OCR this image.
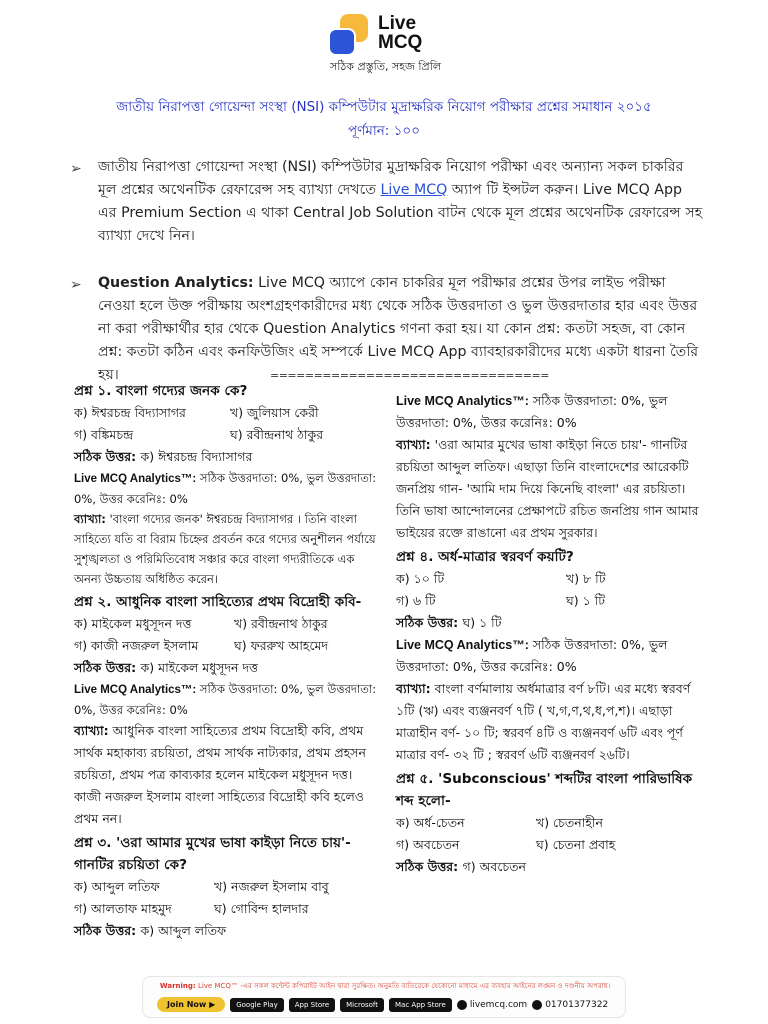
Live
MCQ
সঠিক প্রস্তুতি, সহজ প্রিলি
জাতীয় নিরাপত্তা গোয়েন্দা সংস্থা (NSI) কম্পিউটার মুদ্রাক্ষরিক নিয়োগ পরীক্ষার প্রশ্নের সমাধান ২০১৫
পূর্ণমান: ১০০
➢ জাতীয় নিরাপত্তা গোয়েন্দা সংস্থা (NSI) কম্পিউটার মুদ্রাক্ষরিক নিয়োগ পরীক্ষা এবং অন্যান্য সকল চাকরির মূল প্রশ্নের অথেনটিক রেফারেন্স সহ ব্যাখ্যা দেখতে Live MCQ অ্যাপ টি ইন্সটল করুন। Live MCQ App এর Premium Section এ থাকা Central Job Solution বাটন থেকে মূল প্রশ্নের অথেনটিক রেফারেন্স সহ ব্যাখ্যা দেখে নিন।
➢ Question Analytics: Live MCQ অ্যাপে কোন চাকরির মূল পরীক্ষার প্রশ্নের উপর লাইভ পরীক্ষা নেওয়া হলে উক্ত পরীক্ষায় অংশগ্রহণকারীদের মধ্য থেকে সঠিক উত্তরদাতা ও ভুল উত্তরদাতার হার এবং উত্তর না করা পরীক্ষার্থীর হার থেকে Question Analytics গণনা করা হয়। যা কোন প্রশ্ন: কতটা সহজ, বা কোন প্রশ্ন: কতটা কঠিন এবং কনফিউজিং এই সম্পর্কে Live MCQ App ব্যাবহারকারীদের মধ্যে একটা ধারনা তৈরি হয়।	================================
প্রশ্ন ১. বাংলা গদ্যের জনক কে?
ক) ঈশ্বরচন্দ্র বিদ্যাসাগর	খ) জুলিয়াস কেরী
গ) বঙ্কিমচন্দ্র	ঘ) রবীন্দ্রনাথ ঠাকুর
সঠিক উত্তর: ক) ঈশ্বরচন্দ্র বিদ্যাসাগর
Live MCQ Analytics™: সঠিক উত্তরদাতা: 0%, ভুল উত্তরদাতা: 0%, উত্তর করেনিঃ: 0%
ব্যাখ্যা: 'বাংলা গদ্যের জনক' ঈশ্বরচন্দ্র বিদ্যাসাগর । তিনি বাংলা সাহিত্যে যতি বা বিরাম চিহ্নের প্রবর্তন করে গদ্যের অনুশীলন পর্যায়ে সুশৃঙ্খলতা ও পরিমিতিবোধ সঞ্চার করে বাংলা গদ্যরীতিকে এক অনন্য উচ্চতায় অধিষ্ঠিত করেন।
প্রশ্ন ২. আধুনিক বাংলা সাহিত্যের প্রথম বিদ্রোহী কবি-
ক) মাইকেল মধুসূদন দত্ত	খ) রবীন্দ্রনাথ ঠাকুর
গ) কাজী নজরুল ইসলাম	ঘ) ফররুখ আহমেদ
সঠিক উত্তর: ক) মাইকেল মধুসূদন দত্ত
Live MCQ Analytics™: সঠিক উত্তরদাতা: 0%, ভুল উত্তরদাতা: 0%, উত্তর করেনিঃ: 0%
ব্যাখ্যা: আধুনিক বাংলা সাহিত্যের প্রথম বিদ্রোহী কবি, প্রথম সার্থক মহাকাব্য রচয়িতা, প্রথম সার্থক নাট্যকার, প্রথম প্রহসন রচয়িতা, প্রথম পত্র কাব্যকার হলেন মাইকেল মধুসূদন দত্ত। কাজী নজরুল ইসলাম বাংলা সাহিত্যের বিদ্রোহী কবি হলেও প্রথম নন।
প্রশ্ন ৩. 'ওরা আমার মুখের ভাষা কাইড়া নিতে চায়'- গানটির রচয়িতা কে?
ক) আব্দুল লতিফ	খ) নজরুল ইসলাম বাবু
গ) আলতাফ মাহমুদ	ঘ) গোবিন্দ হালদার
সঠিক উত্তর: ক) আব্দুল লতিফ
Live MCQ Analytics™: সঠিক উত্তরদাতা: 0%, ভুল উত্তরদাতা: 0%, উত্তর করেনিঃ: 0%
ব্যাখ্যা: 'ওরা আমার মুখের ভাষা কাইড়া নিতে চায়'- গানটির রচয়িতা আব্দুল লতিফ। এছাড়া তিনি বাংলাদেশের আরেকটি জনপ্রিয় গান- 'আমি দাম দিয়ে কিনেছি বাংলা' এর রচয়িতা। তিনি ভাষা আন্দোলনের প্রেক্ষাপটে রচিত জনপ্রিয় গান আমার ভাইয়ের রক্তে রাঙানো এর প্রথম সুরকার।
প্রশ্ন ৪. অর্ধ-মাত্রার স্বরবর্ণ কয়টি?
ক) ১০ টি	খ) ৮ টি
গ) ৬ টি	ঘ) ১ টি
সঠিক উত্তর: ঘ) ১ টি
Live MCQ Analytics™: সঠিক উত্তরদাতা: 0%, ভুল উত্তরদাতা: 0%, উত্তর করেনিঃ: 0%
ব্যাখ্যা: বাংলা বর্ণমালায় অর্ধমাত্রার বর্ণ ৮টি। এর মধ্যে স্বরবর্ণ ১টি (ঋ) এবং ব্যঞ্জনবর্ণ ৭টি ( খ,গ,ণ,থ,ধ,প,শ)। এছাড়া মাত্রাহীন বর্ণ- ১০ টি; স্বরবর্ণ ৪টি ও ব্যঞ্জনবর্ণ ৬টি এবং পূর্ণ মাত্রার বর্ণ- ৩২ টি ; স্বরবর্ণ ৬টি ব্যঞ্জনবর্ণ ২৬টি।
প্রশ্ন ৫. 'Subconscious' শব্দটির বাংলা পারিভাষিক শব্দ হলো-
ক) অর্ধ-চেতন	খ) চেতনাহীন
গ) অবচেতন	ঘ) চেতনা প্রবাহ
সঠিক উত্তর: গ) অবচেতন
Warning: Live MCQ™ -এর সকল কন্টেন্ট কপিরাইট আইন দ্বারা সুরক্ষিত। অনুমতি ব্যতিরেকে যেকোনো মাধ্যমে এর ব্যবহার আইনের লঙ্ঘন ও দণ্ডনীয় অপরাধ।
Join Now ▶	Google Play	App Store	Microsoft	Mac App Store	livemcq.com 01701377322
